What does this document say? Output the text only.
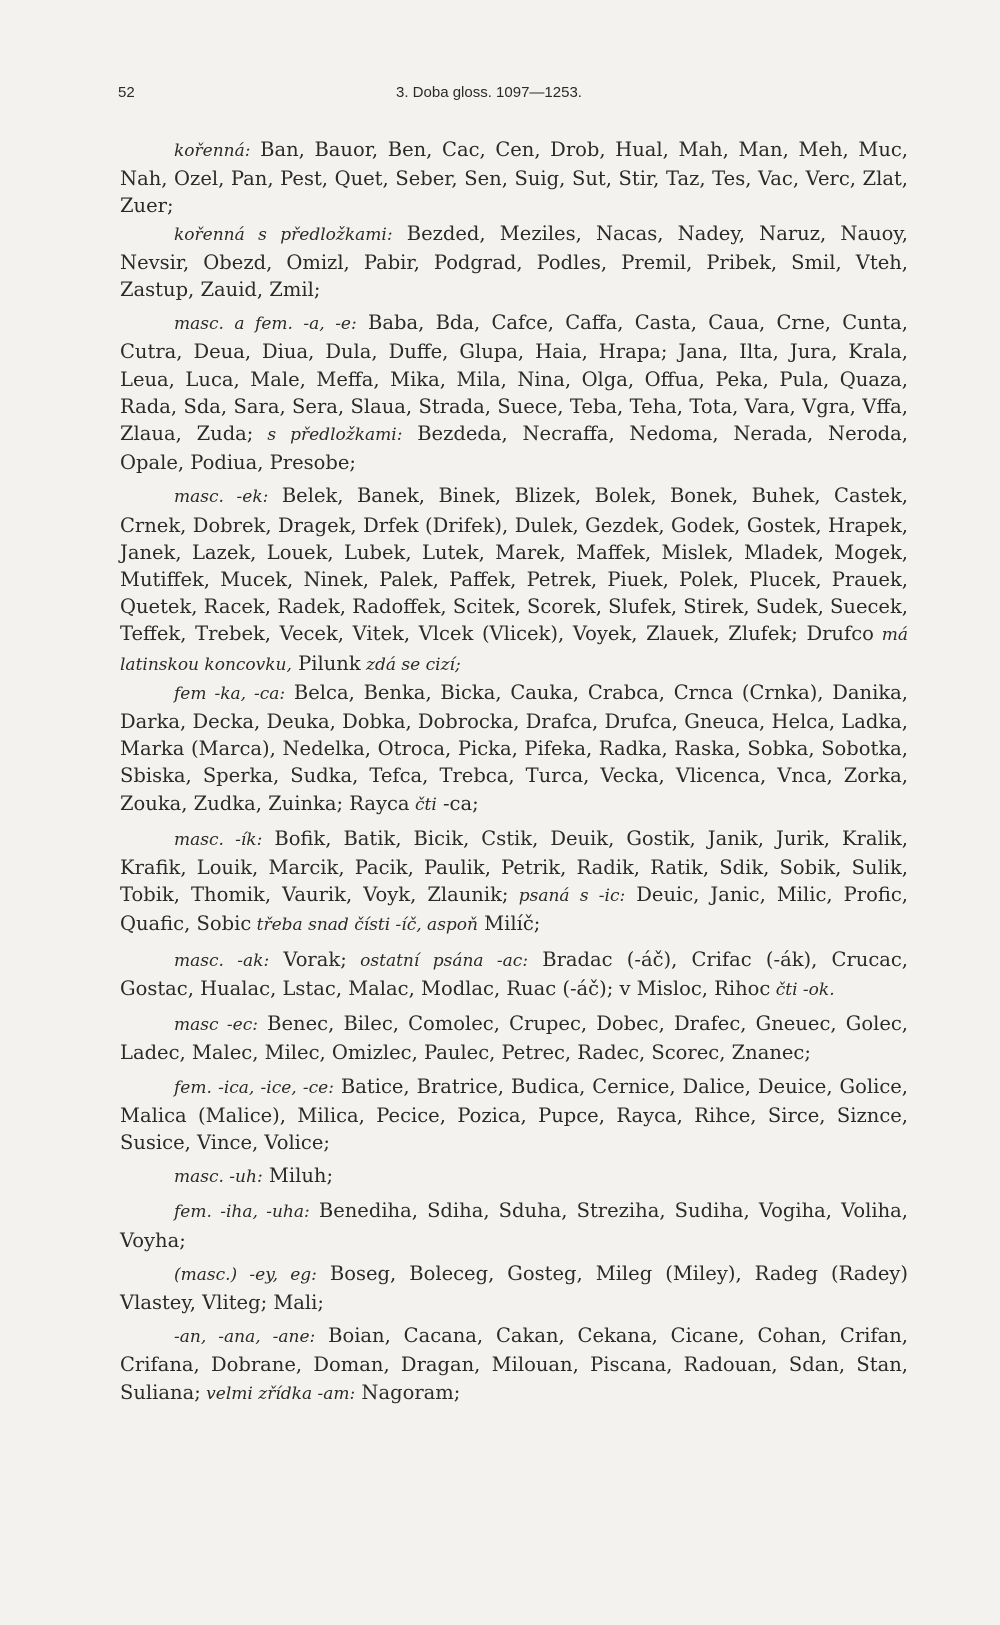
52	3. Doba gloss. 1097—1253.

kořenná: Ban, Bauor, Ben, Cac, Cen, Drob, Hual, Mah, Man, Meh, Muc, Nah, Ozel, Pan, Pest, Quet, Seber, Sen, Suig, Sut, Stir, Taz, Tes, Vac, Verc, Zlat, Zuer;

kořenná s předložkami: Bezded, Meziles, Nacas, Nadey, Naruz, Nauoy, Nevsir, Obezd, Omizl, Pabir, Podgrad, Podles, Premil, Pribek, Smil, Vteh, Zastup, Zauid, Zmil;

masc. a fem. -a, -e: Baba, Bda, Cafce, Caffa, Casta, Caua, Crne, Cunta, Cutra, Deua, Diua, Dula, Duffe, Glupa, Haia, Hrapa; Jana, Ilta, Jura, Krala, Leua, Luca, Male, Meffa, Mika, Mila, Nina, Olga, Offua, Peka, Pula, Quaza, Rada, Sda, Sara, Sera, Slaua, Strada, Suece, Teba, Teha, Tota, Vara, Vgra, Vffa, Zlaua, Zuda; s předložkami: Bezdeda, Necraffa, Nedoma, Nerada, Neroda, Opale, Podiua, Presobe;

masc. -ek: Belek, Banek, Binek, Blizek, Bolek, Bonek, Buhek, Castek, Crnek, Dobrek, Dragek, Drfek (Drifek), Dulek, Gezdek, Godek, Gostek, Hrapek, Janek, Lazek, Louek, Lubek, Lutek, Marek, Maffek, Mislek, Mladek, Mogek, Mutiffek, Mucek, Ninek, Palek, Paffek, Petrek, Piuek, Polek, Plucek, Prauek, Quetek, Racek, Radek, Radoffek, Scitek, Scorek, Slufek, Stirek, Sudek, Suecek, Teffek, Trebek, Vecek, Vitek, Vlcek (Vlicek), Voyek, Zlauek, Zlufek; Drufco má latinskou koncovku, Pilunk zdá se cizí;

fem -ka, -ca: Belca, Benka, Bicka, Cauka, Crabca, Crnca (Crnka), Danika, Darka, Decka, Deuka, Dobka, Dobrocka, Drafca, Drufca, Gneuca, Helca, Ladka, Marka (Marca), Nedelka, Otroca, Picka, Pifeka, Radka, Raska, Sobka, Sobotka, Sbiska, Sperka, Sudka, Tefca, Trebca, Turca, Vecka, Vlicenca, Vnca, Zorka, Zouka, Zudka, Zuinka; Rayca čti -ca;

masc. -ík: Bofik, Batik, Bicik, Cstik, Deuik, Gostik, Janik, Jurik, Kralik, Krafik, Louik, Marcik, Pacik, Paulik, Petrik, Radik, Ratik, Sdik, Sobik, Sulik, Tobik, Thomik, Vaurik, Voyk, Zlaunik; psaná s -ic: Deuic, Janic, Milic, Profic, Quafic, Sobic třeba snad čísti -íč, aspoň Milíč;

masc. -ak: Vorak; ostatní psána -ac: Bradac (-áč), Crifac (-ák), Crucac, Gostac, Hualac, Lstac, Malac, Modlac, Ruac (-áč); v Misloc, Rihoc čti -ok.

masc -ec: Benec, Bilec, Comolec, Crupec, Dobec, Drafec, Gneuec, Golec, Ladec, Malec, Milec, Omizlec, Paulec, Petrec, Radec, Scorec, Znanec;

fem. -ica, -ice, -ce: Batice, Bratrice, Budica, Cernice, Dalice, Deuice, Golice, Malica (Malice), Milica, Pecice, Pozica, Pupce, Rayca, Rihce, Sirce, Siznce, Susice, Vince, Volice;

masc. -uh: Miluh;

fem. -iha, -uha: Benediha, Sdiha, Sduha, Streziha, Sudiha, Vogiha, Voliha, Voyha;

(masc.) -ey, eg: Boseg, Boleceg, Gosteg, Mileg (Miley), Radeg (Radey) Vlastey, Vliteg; Mali;

-an, -ana, -ane: Boian, Cacana, Cakan, Cekana, Cicane, Cohan, Crifan, Crifana, Dobrane, Doman, Dragan, Milouan, Piscana, Radouan, Sdan, Stan, Suliana; velmi zřídka -am: Nagoram;
